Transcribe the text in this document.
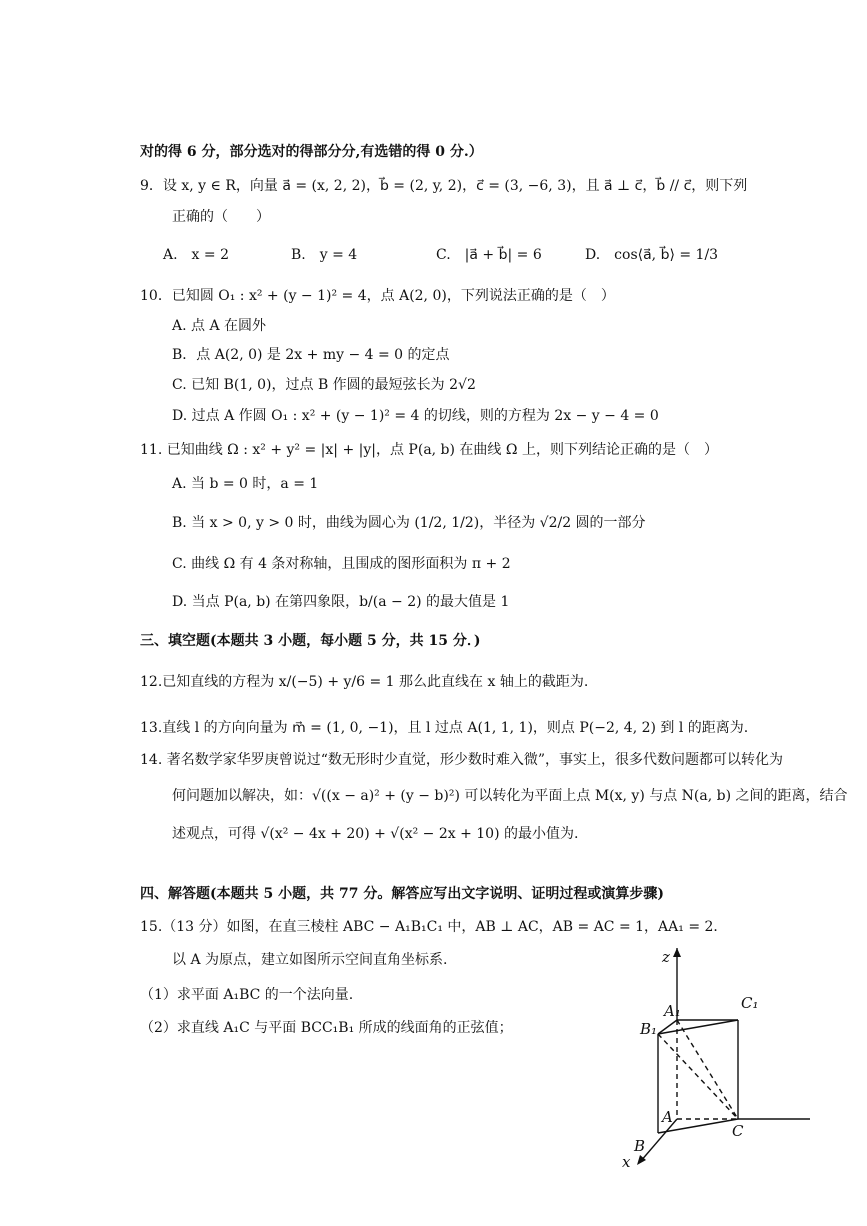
对的得 6 分，部分选对的得部分分,有选错的得 0 分.）
9．设 x, y ∈ R，向量 a⃗ = (x, 2, 2)，b⃗ = (2, y, 2)，c⃗ = (3, −6, 3)，且 a⃗ ⊥ c⃗，b⃗ // c⃗，则下列
正确的（　　）
A.　x = 2	B.　y = 4	C.　|a⃗ + b⃗| = 6	D.　cos⟨a⃗, b⃗⟩ = 1/3
10．已知圆 O₁ : x² + (y − 1)² = 4，点 A(2, 0)，下列说法正确的是（　）
A. 点 A 在圆外
B．点 A(2, 0) 是 2x + my − 4 = 0 的定点
C. 已知 B(1, 0)，过点 B 作圆的最短弦长为 2√2
D. 过点 A 作圆 O₁ : x² + (y − 1)² = 4 的切线，则的方程为 2x − y − 4 = 0
11. 已知曲线 Ω : x² + y² = |x| + |y|，点 P(a, b) 在曲线 Ω 上，则下列结论正确的是（　）
A. 当 b = 0 时，a = 1
B. 当 x > 0, y > 0 时，曲线为圆心为 (1/2, 1/2)，半径为 √2/2 圆的一部分
C. 曲线 Ω 有 4 条对称轴，且围成的图形面积为 π + 2
D. 当点 P(a, b) 在第四象限，b/(a − 2) 的最大值是 1
三、填空题(本题共 3 小题，每小题 5 分，共 15 分．)
12.已知直线的方程为 x/(−5) + y/6 = 1 那么此直线在 x 轴上的截距为.
13.直线 l 的方向向量为 m⃗ = (1, 0, −1)，且 l 过点 A(1, 1, 1)，则点 P(−2, 4, 2) 到 l 的距离为.
14. 著名数学家华罗庚曾说过“数无形时少直觉，形少数时难入微”，事实上，很多代数问题都可以转化为
何问题加以解决，如：√((x − a)² + (y − b)²) 可以转化为平面上点 M(x, y) 与点 N(a, b) 之间的距离，结合
述观点，可得 √(x² − 4x + 20) + √(x² − 2x + 10) 的最小值为.
四、解答题(本题共 5 小题，共 77 分。解答应写出文字说明、证明过程或演算步骤)
15.（13 分）如图，在直三棱柱 ABC − A₁B₁C₁ 中，AB ⊥ AC，AB = AC = 1，AA₁ = 2．
以 A 为原点，建立如图所示空间直角坐标系.
（1）求平面 A₁BC 的一个法向量.
（2）求直线 A₁C 与平面 BCC₁B₁ 所成的线面角的正弦值；
z
A₁	C₁
B₁
A
C
B
x
